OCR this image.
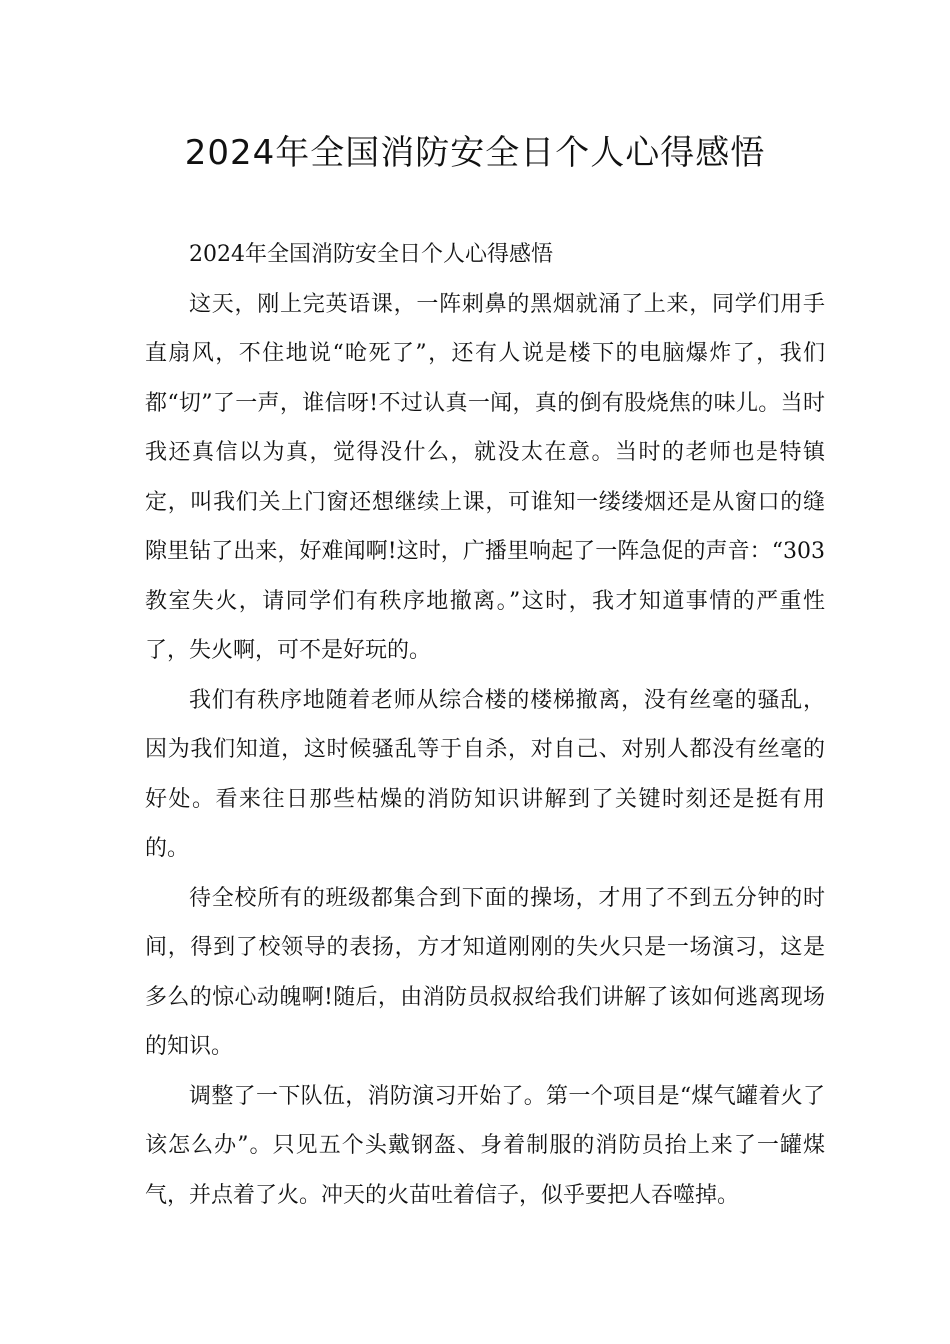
2024年全国消防安全日个人心得感悟

2024年全国消防安全日个人心得感悟

这天，刚上完英语课，一阵刺鼻的黑烟就涌了上来，同学们用手直扇风，不住地说“呛死了”，还有人说是楼下的电脑爆炸了，我们都“切”了一声，谁信呀!不过认真一闻，真的倒有股烧焦的味儿。当时我还真信以为真，觉得没什么，就没太在意。当时的老师也是特镇定，叫我们关上门窗还想继续上课，可谁知一缕缕烟还是从窗口的缝隙里钻了出来，好难闻啊!这时，广播里响起了一阵急促的声音：“303教室失火，请同学们有秩序地撤离。”这时，我才知道事情的严重性了，失火啊，可不是好玩的。

我们有秩序地随着老师从综合楼的楼梯撤离，没有丝毫的骚乱，因为我们知道，这时候骚乱等于自杀，对自己、对别人都没有丝毫的好处。看来往日那些枯燥的消防知识讲解到了关键时刻还是挺有用的。

待全校所有的班级都集合到下面的操场，才用了不到五分钟的时间，得到了校领导的表扬，方才知道刚刚的失火只是一场演习，这是多么的惊心动魄啊!随后，由消防员叔叔给我们讲解了该如何逃离现场的知识。

调整了一下队伍，消防演习开始了。第一个项目是“煤气罐着火了该怎么办”。只见五个头戴钢盔、身着制服的消防员抬上来了一罐煤气，并点着了火。冲天的火苗吐着信子，似乎要把人吞噬掉。
